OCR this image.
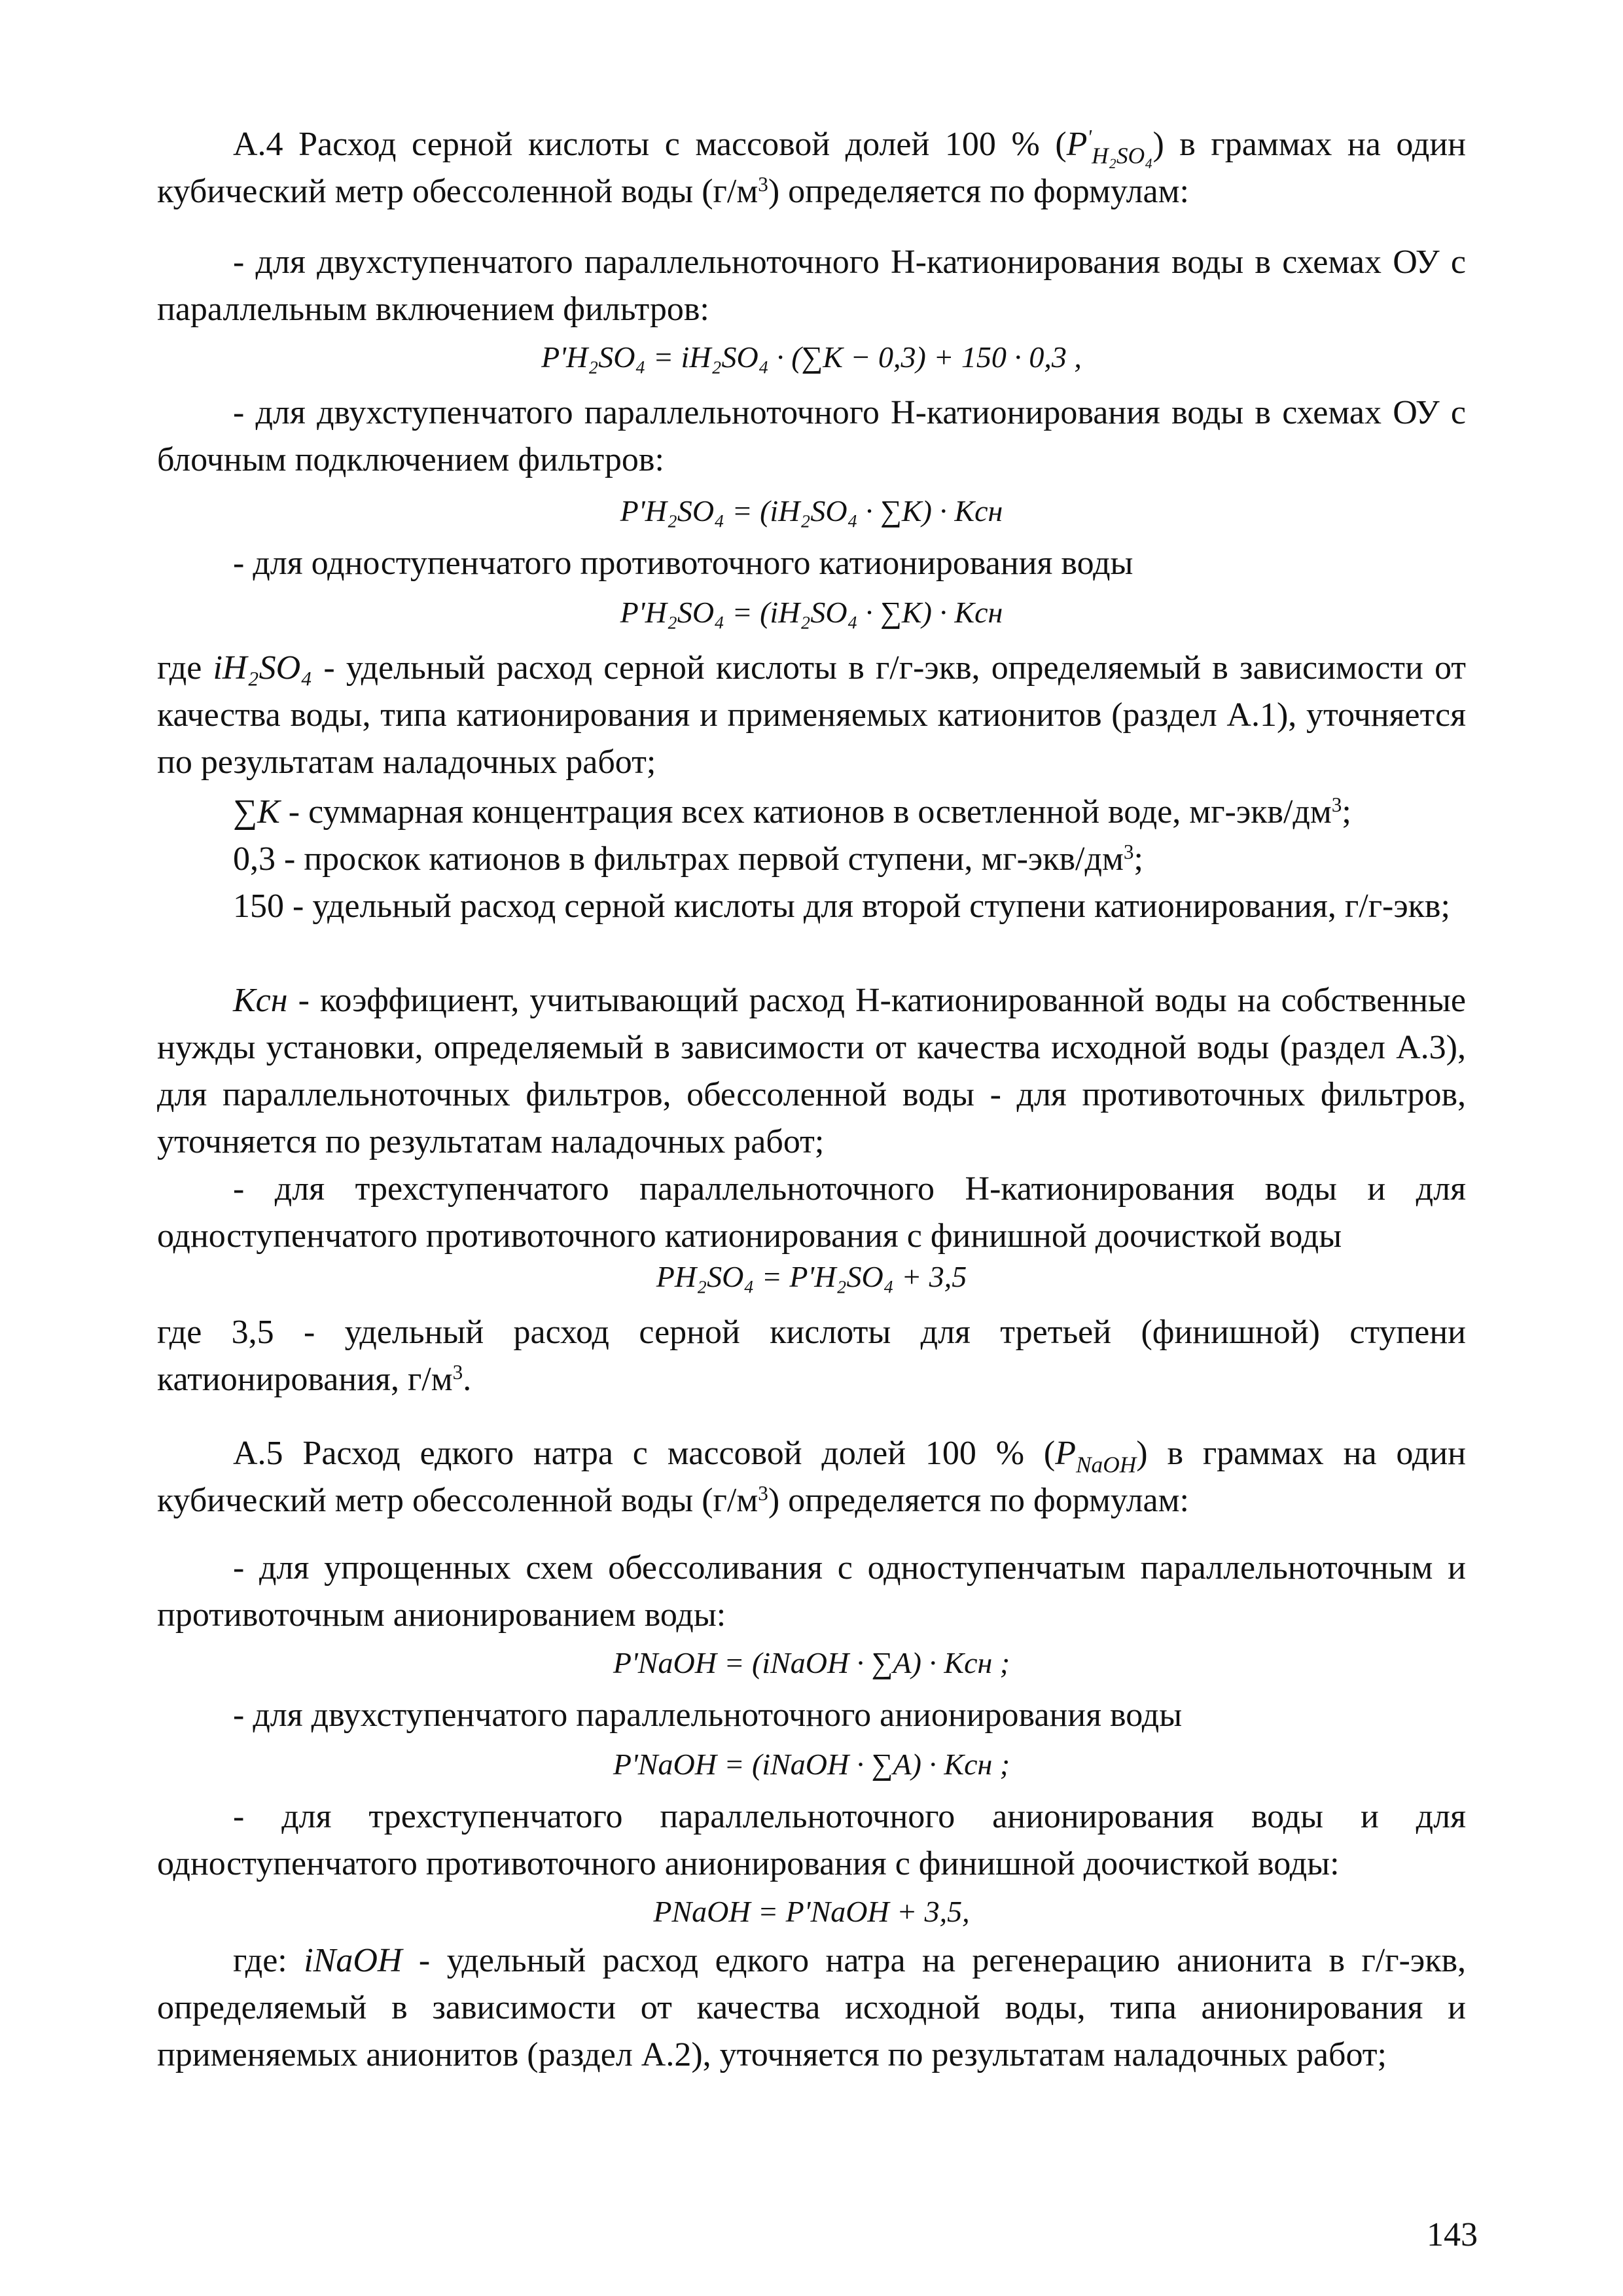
А.4 Расход серной кислоты с массовой долей 100 % $(P'_{H_2SO_4})$ в граммах на один кубический метр обессоленной воды $(г/м^3)$ определяется по формулам:

- для двухступенчатого параллельноточного Н-катионирования воды в схемах ОУ с параллельным включением фильтров:

P'H₂SO₄ = iH₂SO₄ · (∑K − 0,3) + 150 · 0,3 ,

- для двухступенчатого параллельноточного Н-катионирования воды в схемах ОУ с блочным подключением фильтров:

P'H₂SO₄ = (iH₂SO₄ · ∑K) · Kсн

- для одноступенчатого противоточного катионирования воды

P'H₂SO₄ = (iH₂SO₄ · ∑K) · Kсн

где iH₂SO₄ - удельный расход серной кислоты в г/г-экв, определяемый в зависимости от качества воды, типа катионирования и применяемых катионитов (раздел А.1), уточняется по результатам наладочных работ;

∑K - суммарная концентрация всех катионов в осветленной воде, $мг-экв/дм^3$;

0,3 - проскок катионов в фильтрах первой ступени, $мг-экв/дм^3$;

150 - удельный расход серной кислоты для второй ступени катионирования, г/г-экв;

Kсн - коэффициент, учитывающий расход Н-катионированной воды на собственные нужды установки, определяемый в зависимости от качества исходной воды (раздел А.3), для параллельноточных фильтров, обессоленной воды - для противоточных фильтров, уточняется по результатам наладочных работ;

- для трехступенчатого параллельноточного Н-катионирования воды и для одноступенчатого противоточного катионирования с финишной доочисткой воды

PH₂SO₄ = P'H₂SO₄ + 3,5

где 3,5 - удельный расход серной кислоты для третьей (финишной) ступени катионирования, $г/м^3$.

А.5 Расход едкого натра с массовой долей 100 % $(P_{NaOH})$ в граммах на один кубический метр обессоленной воды $(г/м^3)$ определяется по формулам:

- для упрощенных схем обессоливания с одноступенчатым параллельноточным и противоточным анионированием воды:

P'NaOH = (iNaOH · ∑A) · Kсн ;

- для двухступенчатого параллельноточного анионирования воды

P'NaOH = (iNaOH · ∑A) · Kсн ;

- для трехступенчатого параллельноточного анионирования воды и для одноступенчатого противоточного анионирования с финишной доочисткой воды:

PNaOH = P'NaOH + 3,5,

где: iNaOH - удельный расход едкого натра на регенерацию анионита в г/г-экв, определяемый в зависимости от качества исходной воды, типа анионирования и применяемых анионитов (раздел А.2), уточняется по результатам наладочных работ;

143
